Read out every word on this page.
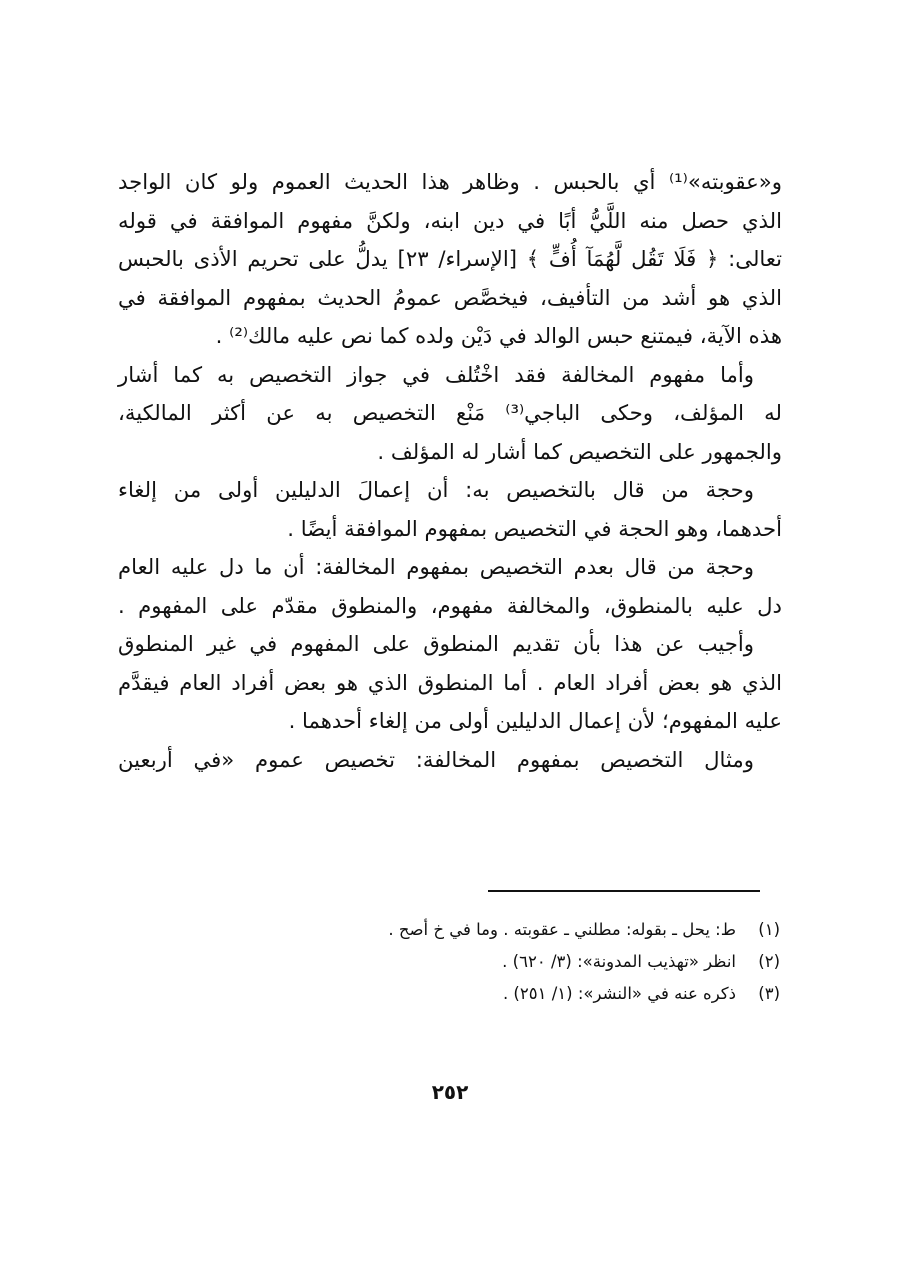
و«عقوبته»⁽¹⁾ أي بالحبس . وظاهر هذا الحديث العموم ولو كان الواجد
الذي حصل منه اللَّيُّ أبًا في دين ابنه، ولكنَّ مفهوم الموافقة في قوله
تعالى: ﴿ فَلَا تَقُل لَّهُمَآ أُفٍّ ﴾ [الإسراء/ ٢٣] يدلُّ على تحريم الأذى بالحبس
الذي هو أشد من التأفيف، فيخصَّص عمومُ الحديث بمفهوم الموافقة في
هذه الآية، فيمتنع حبس الوالد في دَيْن ولده كما نص عليه مالك⁽²⁾ .
وأما مفهوم المخالفة فقد اخْتُلف في جواز التخصيص به كما أشار
له المؤلف، وحكى الباجي⁽³⁾ مَنْع التخصيص به عن أكثر المالكية،
والجمهور على التخصيص كما أشار له المؤلف .
وحجة من قال بالتخصيص به: أن إعمالَ الدليلين أولى من إلغاء
أحدهما، وهو الحجة في التخصيص بمفهوم الموافقة أيضًا .
وحجة من قال بعدم التخصيص بمفهوم المخالفة: أن ما دل عليه العام
دل عليه بالمنطوق، والمخالفة مفهوم، والمنطوق مقدّم على المفهوم .
وأجيب عن هذا بأن تقديم المنطوق على المفهوم في غير المنطوق
الذي هو بعض أفراد العام . أما المنطوق الذي هو بعض أفراد العام فيقدَّم
عليه المفهوم؛ لأن إعمال الدليلين أولى من إلغاء أحدهما .
ومثال التخصيص بمفهوم المخالفة: تخصيص عموم «في أربعين
(١)
ط: يحل ـ بقوله: مطلني ـ عقوبته . وما في خ أصح .
(٢)
انظر «تهذيب المدونة»: (٣/ ٦٢٠) .
(٣)
ذكره عنه في «النشر»: (١/ ٢٥١) .
٢٥٢
